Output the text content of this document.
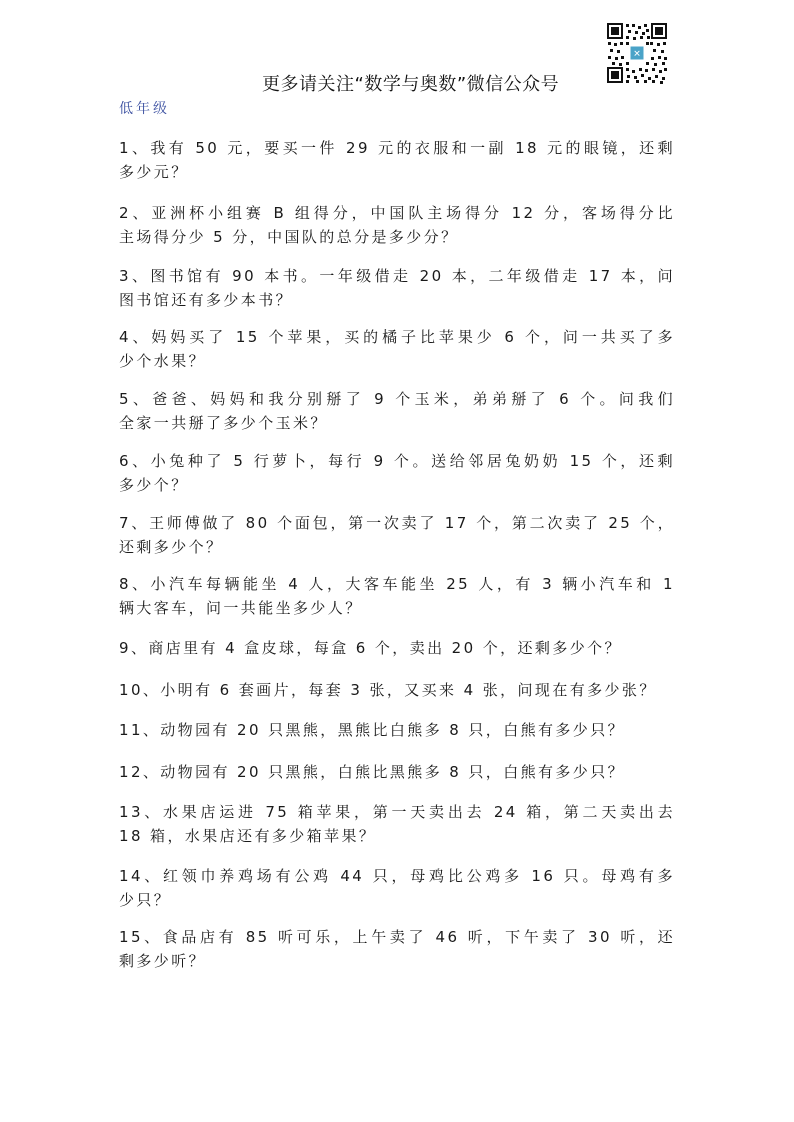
✕
更多请关注“数学与奥数”微信公众号
低年级
1、我有 50 元，要买一件 29 元的衣服和一副 18 元的眼镜，还剩
多少元？
2、亚洲杯小组赛 B 组得分，中国队主场得分 12 分，客场得分比
主场得分少 5 分，中国队的总分是多少分？
3、图书馆有 90 本书。一年级借走 20 本，二年级借走 17 本，问
图书馆还有多少本书？
4、妈妈买了 15 个苹果，买的橘子比苹果少 6 个，问一共买了多
少个水果？
5、爸爸、妈妈和我分别掰了 9 个玉米，弟弟掰了 6 个。问我们
全家一共掰了多少个玉米？
6、小兔种了 5 行萝卜，每行 9 个。送给邻居兔奶奶 15 个，还剩
多少个？
7、王师傅做了 80 个面包，第一次卖了 17 个，第二次卖了 25 个，
还剩多少个？
8、小汽车每辆能坐 4 人，大客车能坐 25 人，有 3 辆小汽车和 1
辆大客车，问一共能坐多少人？
9、商店里有 4 盒皮球，每盒 6 个，卖出 20 个，还剩多少个？
10、小明有 6 套画片，每套 3 张，又买来 4 张，问现在有多少张？
11、动物园有 20 只黑熊，黑熊比白熊多 8 只，白熊有多少只？
12、动物园有 20 只黑熊，白熊比黑熊多 8 只，白熊有多少只？
13、水果店运进 75 箱苹果，第一天卖出去 24 箱，第二天卖出去
18 箱，水果店还有多少箱苹果？
14、红领巾养鸡场有公鸡 44 只，母鸡比公鸡多 16 只。母鸡有多
少只？
15、食品店有 85 听可乐，上午卖了 46 听，下午卖了 30 听，还
剩多少听？
